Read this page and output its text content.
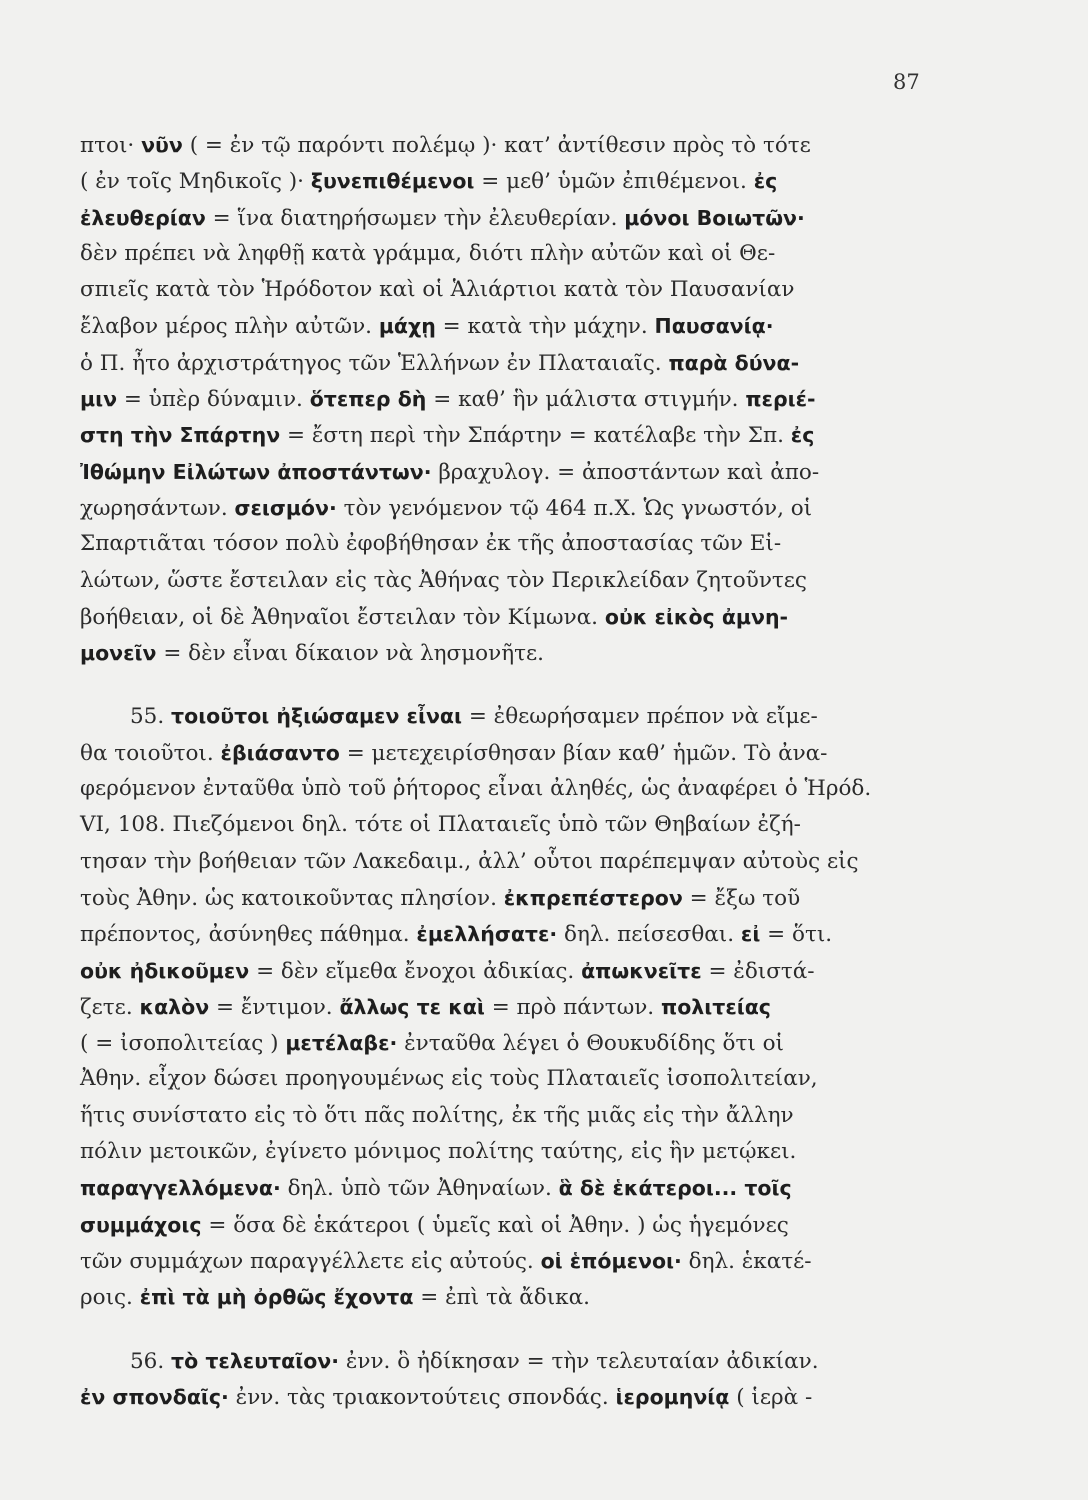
87
πτοι· νῦν ( = ἐν τῷ παρόντι πολέμῳ )· κατ’ ἀντίθεσιν πρὸς τὸ τότε
( ἐν τοῖς Μηδικοῖς )· ξυνεπιθέμενοι = μεθ’ ὑμῶν ἐπιθέμενοι. ἐς
ἐλευθερίαν = ἵνα διατηρήσωμεν τὴν ἐλευθερίαν. μόνοι Βοιωτῶν·
δὲν πρέπει νὰ ληφθῇ κατὰ γράμμα, διότι πλὴν αὐτῶν καὶ οἱ Θε-
σπιεῖς κατὰ τὸν Ἡρόδοτον καὶ οἱ Ἁλιάρτιοι κατὰ τὸν Παυσανίαν
ἔλαβον μέρος πλὴν αὐτῶν. μάχῃ = κατὰ τὴν μάχην. Παυσανίᾳ·
ὁ Π. ἦτο ἀρχιστράτηγος τῶν Ἑλλήνων ἐν Πλαταιαῖς. παρὰ δύνα-
μιν = ὑπὲρ δύναμιν. ὅτεπερ δὴ = καθ’ ἣν μάλιστα στιγμήν. περιέ-
στη τὴν Σπάρτην = ἔστη περὶ τὴν Σπάρτην = κατέλαβε τὴν Σπ. ἐς
Ἰθώμην Εἰλώτων ἀποστάντων· βραχυλογ. = ἀποστάντων καὶ ἀπο-
χωρησάντων. σεισμόν· τὸν γενόμενον τῷ 464 π.Χ. Ὡς γνωστόν, οἱ
Σπαρτιᾶται τόσον πολὺ ἐφοβήθησαν ἐκ τῆς ἀποστασίας τῶν Εἱ-
λώτων, ὥστε ἔστειλαν εἰς τὰς Ἀθήνας τὸν Περικλείδαν ζητοῦντες
βοήθειαν, οἱ δὲ Ἀθηναῖοι ἔστειλαν τὸν Κίμωνα. οὐκ εἰκὸς ἀμνη-
μονεῖν = δὲν εἶναι δίκαιον νὰ λησμονῆτε.
55. τοιοῦτοι ἠξιώσαμεν εἶναι = ἐθεωρήσαμεν πρέπον νὰ εἴμε-
θα τοιοῦτοι. ἐβιάσαντο = μετεχειρίσθησαν βίαν καθ’ ἡμῶν. Τὸ ἀνα-
φερόμενον ἐνταῦθα ὑπὸ τοῦ ῥήτορος εἶναι ἀληθές, ὡς ἀναφέρει ὁ Ἡρόδ.
VI, 108. Πιεζόμενοι δηλ. τότε οἱ Πλαταιεῖς ὑπὸ τῶν Θηβαίων ἐζή-
τησαν τὴν βοήθειαν τῶν Λακεδαιμ., ἀλλ’ οὗτοι παρέπεμψαν αὐτοὺς εἰς
τοὺς Ἀθην. ὡς κατοικοῦντας πλησίον. ἐκπρεπέστερον = ἔξω τοῦ
πρέποντος, ἀσύνηθες πάθημα. ἐμελλήσατε· δηλ. πείσεσθαι. εἰ = ὅτι.
οὐκ ἠδικοῦμεν = δὲν εἴμεθα ἔνοχοι ἀδικίας. ἀπωκνεῖτε = ἐδιστά-
ζετε. καλὸν = ἔντιμον. ἄλλως τε καὶ = πρὸ πάντων. πολιτείας
( = ἰσοπολιτείας ) μετέλαβε· ἐνταῦθα λέγει ὁ Θουκυδίδης ὅτι οἱ
Ἀθην. εἶχον δώσει προηγουμένως εἰς τοὺς Πλαταιεῖς ἰσοπολιτείαν,
ἥτις συνίστατο εἰς τὸ ὅτι πᾶς πολίτης, ἐκ τῆς μιᾶς εἰς τὴν ἄλλην
πόλιν μετοικῶν, ἐγίνετο μόνιμος πολίτης ταύτης, εἰς ἣν μετῴκει.
παραγγελλόμενα· δηλ. ὑπὸ τῶν Ἀθηναίων. ἃ δὲ ἑκάτεροι... τοῖς
συμμάχοις = ὅσα δὲ ἑκάτεροι ( ὑμεῖς καὶ οἱ Ἀθην. ) ὡς ἡγεμόνες
τῶν συμμάχων παραγγέλλετε εἰς αὐτούς. οἱ ἑπόμενοι· δηλ. ἑκατέ-
ροις. ἐπὶ τὰ μὴ ὀρθῶς ἔχοντα = ἐπὶ τὰ ἄδικα.
56. τὸ τελευταῖον· ἐνν. ὃ ἠδίκησαν = τὴν τελευταίαν ἀδικίαν.
ἐν σπονδαῖς· ἐνν. τὰς τριακοντούτεις σπονδάς. ἱερομηνίᾳ ( ἱερὰ -
